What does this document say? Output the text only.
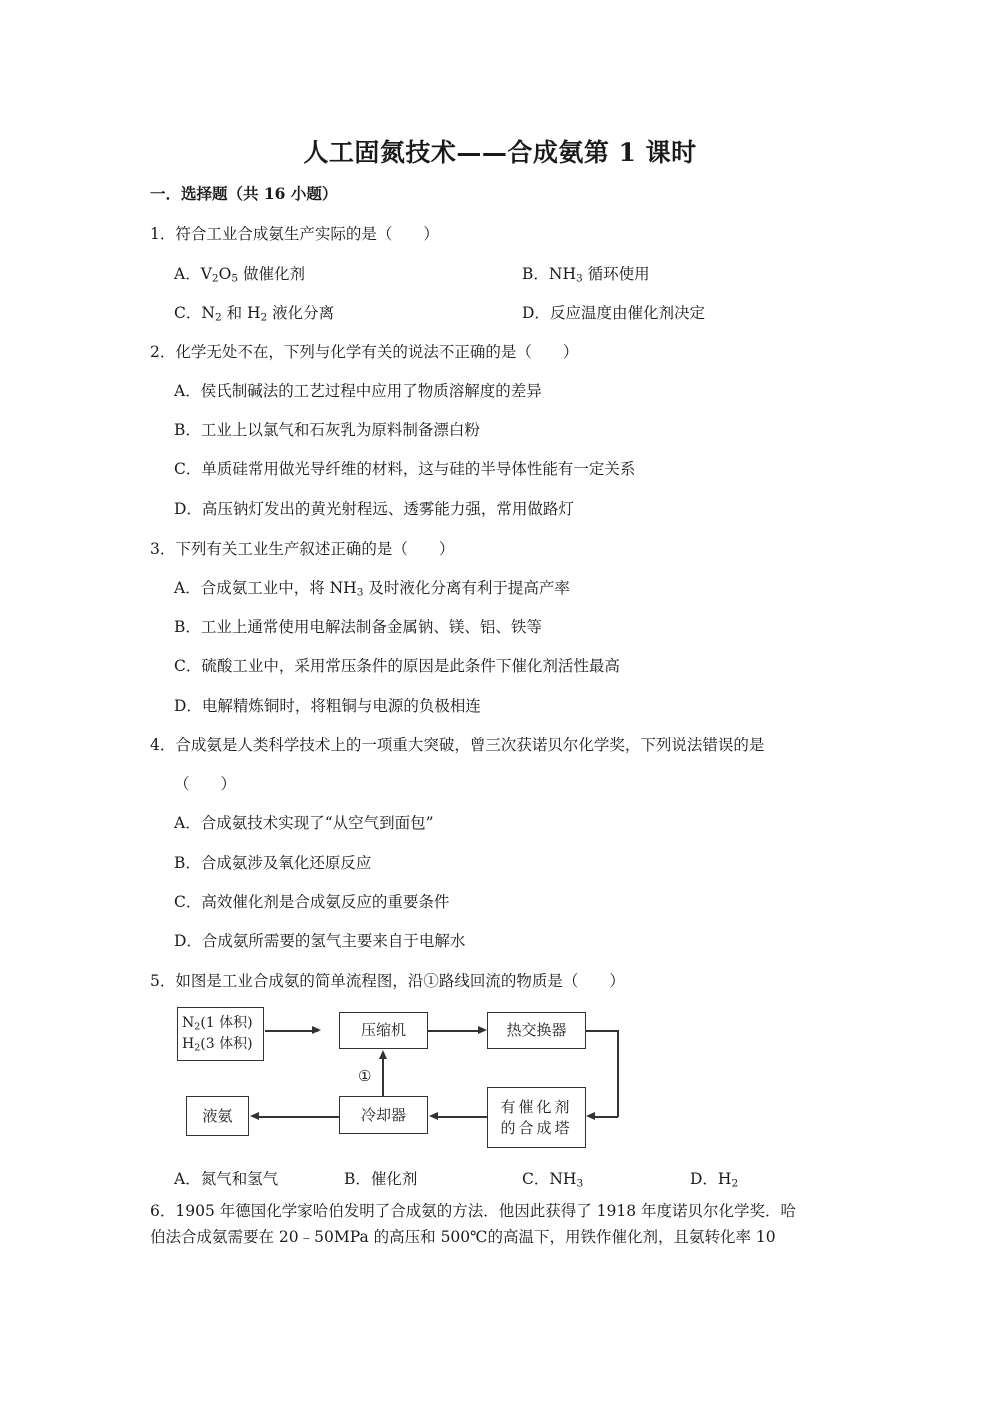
人工固氮技术——合成氨第 1 课时
一．选择题（共 16 小题）
1．符合工业合成氨生产实际的是（　　）
A．$V_2O_5$ 做催化剂	B．$NH_3$ 循环使用
C．$N_2$ 和 $H_2$ 液化分离	D．反应温度由催化剂决定
2．化学无处不在，下列与化学有关的说法不正确的是（　　）
A．侯氏制碱法的工艺过程中应用了物质溶解度的差异
B．工业上以氯气和石灰乳为原料制备漂白粉
C．单质硅常用做光导纤维的材料，这与硅的半导体性能有一定关系
D．高压钠灯发出的黄光射程远、透雾能力强，常用做路灯
3．下列有关工业生产叙述正确的是（　　）
A．合成氨工业中，将 $NH_3$ 及时液化分离有利于提高产率
B．工业上通常使用电解法制备金属钠、镁、铝、铁等
C．硫酸工业中，采用常压条件的原因是此条件下催化剂活性最高
D．电解精炼铜时，将粗铜与电源的负极相连
4．合成氨是人类科学技术上的一项重大突破，曾三次获诺贝尔化学奖，下列说法错误的是
（　　）
A．合成氨技术实现了“从空气到面包”
B．合成氨涉及氧化还原反应
C．高效催化剂是合成氨反应的重要条件
D．合成氨所需要的氢气主要来自于电解水
5．如图是工业合成氨的简单流程图，沿①路线回流的物质是（　　）
$N_2(1$ 体积)
$H_2(3$ 体积)
压缩机	热交换器
有催化剂
的合成塔
冷却器
①
液氨
A．氮气和氢气	B．催化剂	C．$NH_3$	D．$H_2$
6．1905 年德国化学家哈伯发明了合成氨的方法．他因此获得了 1918 年度诺贝尔化学奖．哈
伯法合成氨需要在 20﹣50MPa 的高压和 500℃的高温下，用铁作催化剂，且氨转化率 10
